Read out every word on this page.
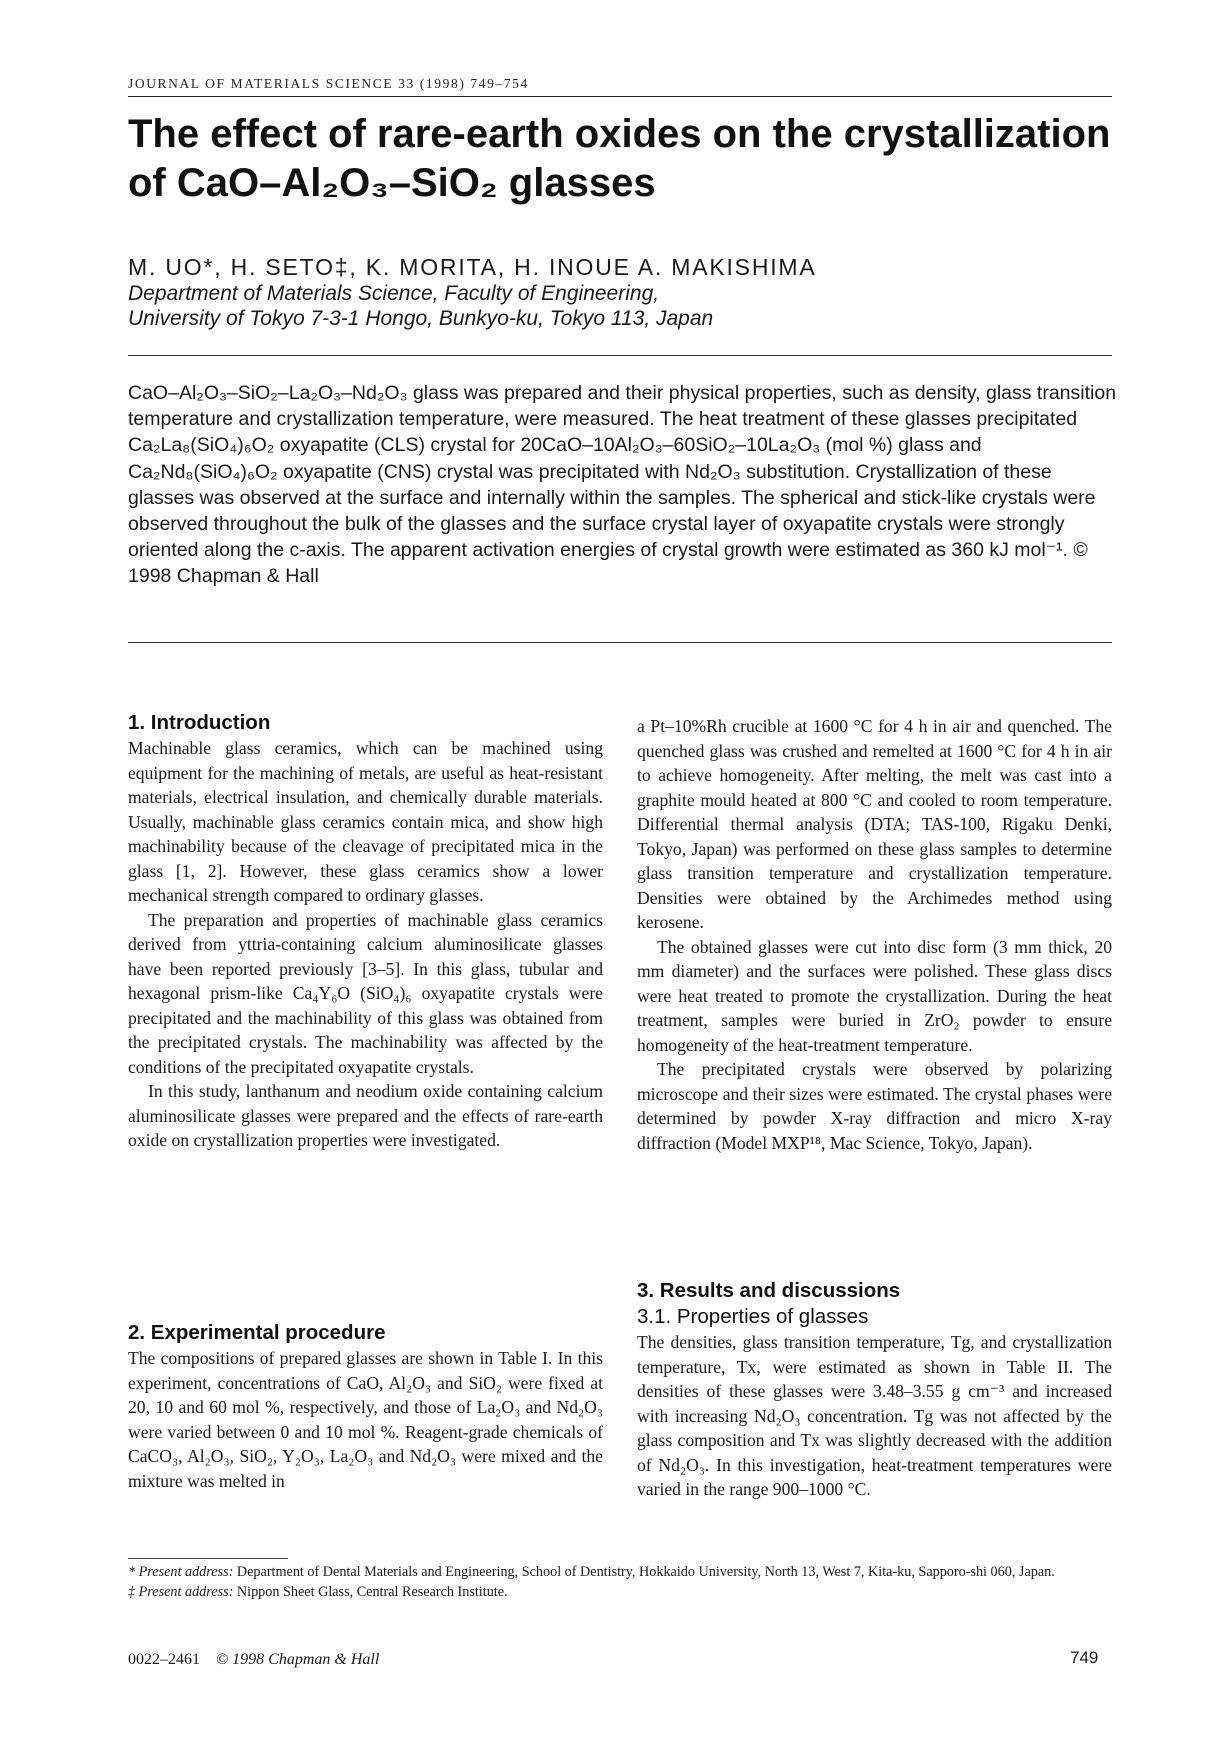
JOURNAL OF MATERIALS SCIENCE 33 (1998) 749–754
The effect of rare-earth oxides on the crystallization
of CaO–Al₂O₃–SiO₂ glasses
M. UO*, H. SETO‡, K. MORITA, H. INOUE A. MAKISHIMA
Department of Materials Science, Faculty of Engineering,
University of Tokyo 7-3-1 Hongo, Bunkyo-ku, Tokyo 113, Japan
CaO–Al₂O₃–SiO₂–La₂O₃–Nd₂O₃ glass was prepared and their physical properties, such as density, glass transition temperature and crystallization temperature, were measured. The heat treatment of these glasses precipitated Ca₂La₈(SiO₄)₆O₂ oxyapatite (CLS) crystal for 20CaO–10Al₂O₃–60SiO₂–10La₂O₃ (mol %) glass and Ca₂Nd₈(SiO₄)₆O₂ oxyapatite (CNS) crystal was precipitated with Nd₂O₃ substitution. Crystallization of these glasses was observed at the surface and internally within the samples. The spherical and stick-like crystals were observed throughout the bulk of the glasses and the surface crystal layer of oxyapatite crystals were strongly oriented along the c-axis. The apparent activation energies of crystal growth were estimated as 360 kJ mol⁻¹. © 1998 Chapman & Hall
1. Introduction

Machinable glass ceramics, which can be machined using equipment for the machining of metals, are useful as heat-resistant materials, electrical insulation, and chemically durable materials. Usually, machinable glass ceramics contain mica, and show high machinability because of the cleavage of precipitated mica in the glass [1, 2]. However, these glass ceramics show a lower mechanical strength compared to ordinary glasses.

The preparation and properties of machinable glass ceramics derived from yttria-containing calcium aluminosilicate glasses have been reported previously [3–5]. In this glass, tubular and hexagonal prism-like Ca₄Y₆O (SiO₄)₆ oxyapatite crystals were precipitated and the machinability of this glass was obtained from the precipitated crystals. The machinability was affected by the conditions of the precipitated oxyapatite crystals.

In this study, lanthanum and neodium oxide containing calcium aluminosilicate glasses were prepared and the effects of rare-earth oxide on crystallization properties were investigated.

2. Experimental procedure

The compositions of prepared glasses are shown in Table I. In this experiment, concentrations of CaO, Al₂O₃ and SiO₂ were fixed at 20, 10 and 60 mol %, respectively, and those of La₂O₃ and Nd₂O₃ were varied between 0 and 10 mol %. Reagent-grade chemicals of CaCO₃, Al₂O₃, SiO₂, Y₂O₃, La₂O₃ and Nd₂O₃ were mixed and the mixture was melted in

a Pt–10%Rh crucible at 1600 °C for 4 h in air and quenched. The quenched glass was crushed and remelted at 1600 °C for 4 h in air to achieve homogeneity. After melting, the melt was cast into a graphite mould heated at 800 °C and cooled to room temperature. Differential thermal analysis (DTA; TAS-100, Rigaku Denki, Tokyo, Japan) was performed on these glass samples to determine glass transition temperature and crystallization temperature. Densities were obtained by the Archimedes method using kerosene.

The obtained glasses were cut into disc form (3 mm thick, 20 mm diameter) and the surfaces were polished. These glass discs were heat treated to promote the crystallization. During the heat treatment, samples were buried in ZrO₂ powder to ensure homogeneity of the heat-treatment temperature.

The precipitated crystals were observed by polarizing microscope and their sizes were estimated. The crystal phases were determined by powder X-ray diffraction and micro X-ray diffraction (Model MXP¹⁸, Mac Science, Tokyo, Japan).

3. Results and discussions
3.1. Properties of glasses

The densities, glass transition temperature, Tg, and crystallization temperature, Tx, were estimated as shown in Table II. The densities of these glasses were 3.48–3.55 g cm⁻³ and increased with increasing Nd₂O₃ concentration. Tg was not affected by the glass composition and Tx was slightly decreased with the addition of Nd₂O₃. In this investigation, heat-treatment temperatures were varied in the range 900–1000 °C.

* Present address: Department of Dental Materials and Engineering, School of Dentistry, Hokkaido University, North 13, West 7, Kita-ku, Sapporo-shi 060, Japan.

‡ Present address: Nippon Sheet Glass, Central Research Institute.

0022–2461 © 1998 Chapman & Hall	749
